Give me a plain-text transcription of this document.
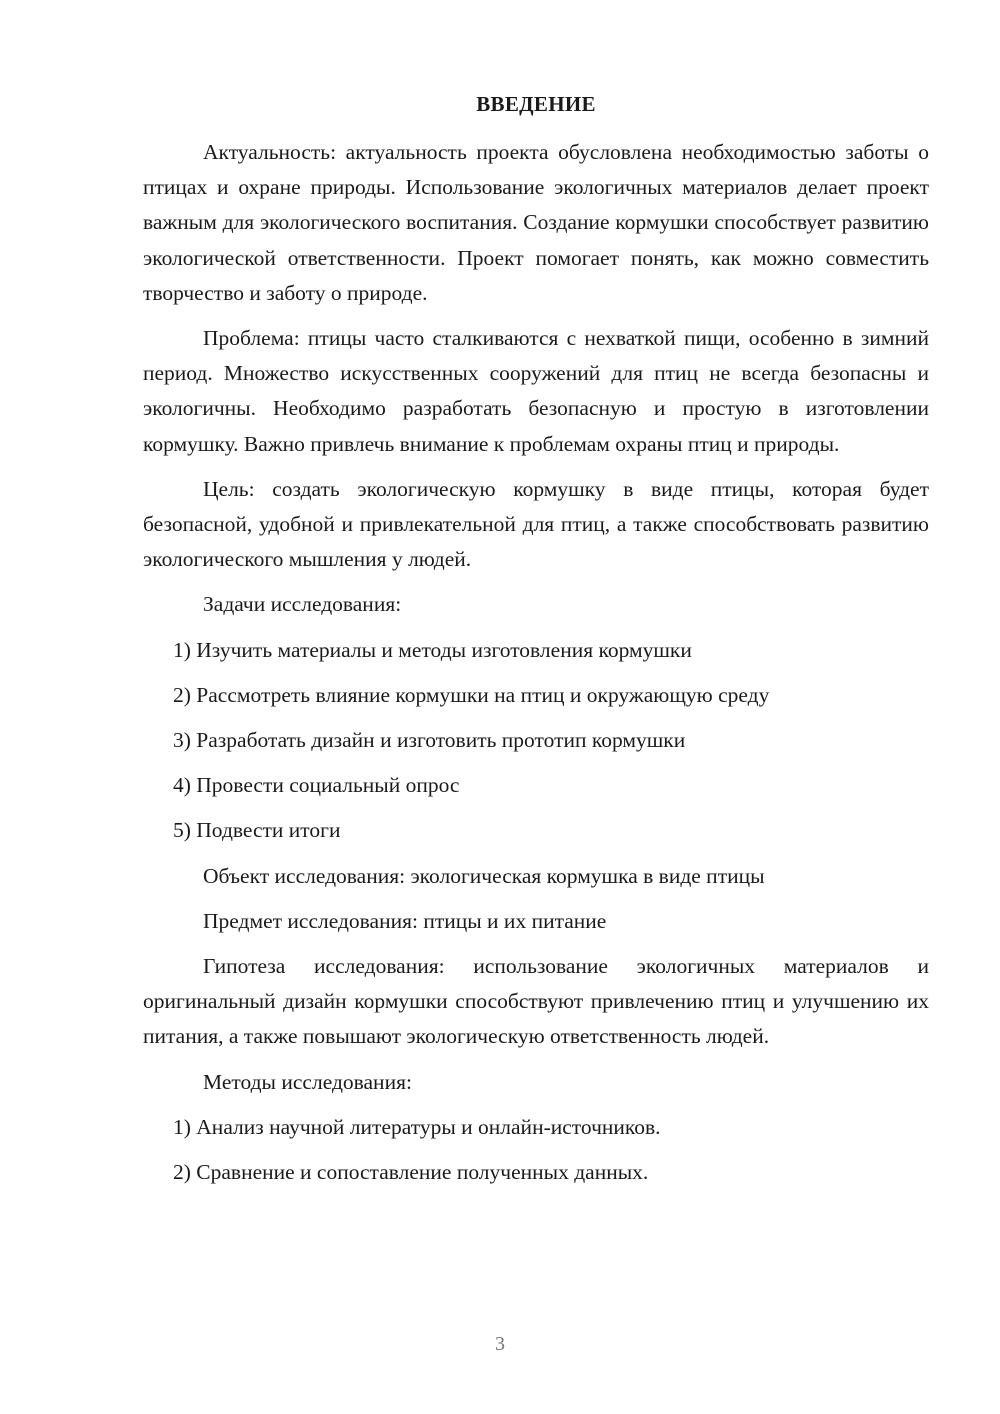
ВВЕДЕНИЕ

Актуальность: актуальность проекта обусловлена необходимостью заботы о птицах и охране природы. Использование экологичных материалов делает проект важным для экологического воспитания. Создание кормушки способствует развитию экологической ответственности. Проект помогает понять, как можно совместить творчество и заботу о природе.

Проблема: птицы часто сталкиваются с нехваткой пищи, особенно в зимний период. Множество искусственных сооружений для птиц не всегда безопасны и экологичны. Необходимо разработать безопасную и простую в изготовлении кормушку. Важно привлечь внимание к проблемам охраны птиц и природы.

Цель: создать экологическую кормушку в виде птицы, которая будет безопасной, удобной и привлекательной для птиц, а также способствовать развитию экологического мышления у людей.

Задачи исследования:
1) Изучить материалы и методы изготовления кормушки
2) Рассмотреть влияние кормушки на птиц и окружающую среду
3) Разработать дизайн и изготовить прототип кормушки
4) Провести социальный опрос
5) Подвести итоги
Объект исследования: экологическая кормушка в виде птицы
Предмет исследования: птицы и их питание

Гипотеза исследования: использование экологичных материалов и оригинальный дизайн кормушки способствуют привлечению птиц и улучшению их питания, а также повышают экологическую ответственность людей.

Методы исследования:
1) Анализ научной литературы и онлайн-источников.
2) Сравнение и сопоставление полученных данных.
3
